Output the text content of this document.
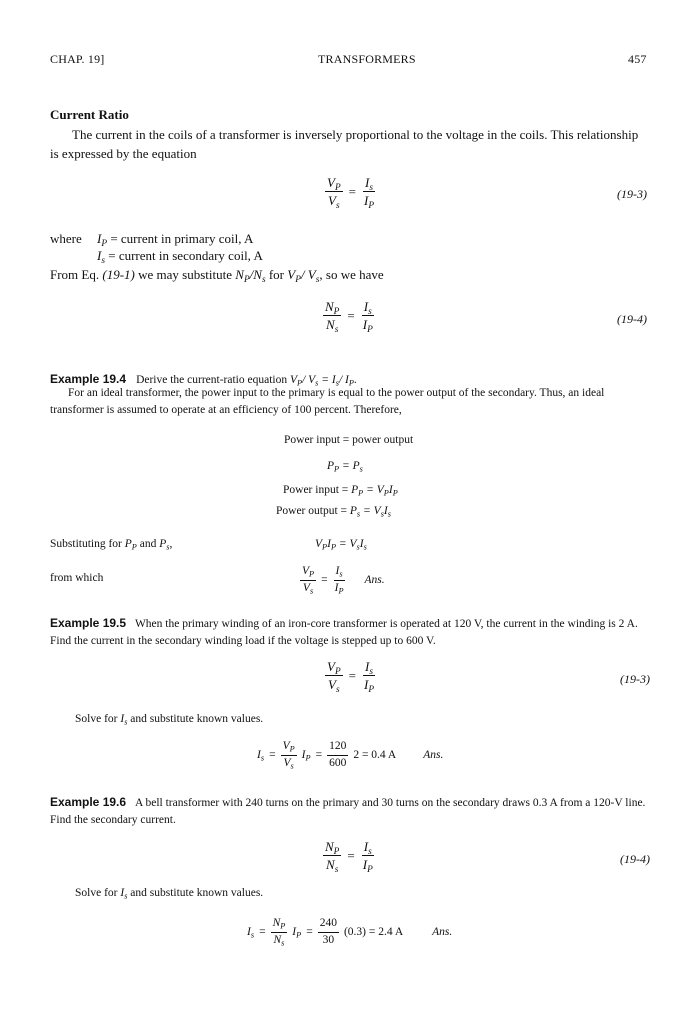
CHAP. 19]	TRANSFORMERS	457
Current Ratio
The current in the coils of a transformer is inversely proportional to the voltage in the coils. This relationship is expressed by the equation
$\frac{V_P}{V_s} = \frac{I_s}{I_P}$	(19-3)
where $I_P$ = current in primary coil, A
$I_s$ = current in secondary coil, A
From Eq. (19-1) we may substitute $N_P/N_s$ for $V_P/$ $V_s$, so we have
$\frac{N_P}{N_s} = \frac{I_s}{I_P}$	(19-4)
Example 19.4 Derive the current-ratio equation $V_P/$ $V_s = I_s/$ $I_P$.
For an ideal transformer, the power input to the primary is equal to the power output of the secondary. Thus, an ideal transformer is assumed to operate at an efficiency of 100 percent. Therefore,
Power input = power output
$P_P = P_s$
Power input = $P_P = V_PI_P$
Power output = $P_s = V_sI_s$
Substituting for $P_P$ and $P_s$,	$V_PI_P = V_sI_s$
from which	$\frac{V_P}{V_s} = \frac{I_s}{I_P}$ Ans.
Example 19.5 When the primary winding of an iron-core transformer is operated at 120 V, the current in the winding is 2 A. Find the current in the secondary winding load if the voltage is stepped up to 600 V.
$\frac{V_P}{V_s} = \frac{I_s}{I_P}$	(19-3)
Solve for $I_s$ and substitute known values.
$I_s = \frac{V_P}{V_s} I_P = \frac{120}{600} 2 = 0.4$ A Ans.
Example 19.6 A bell transformer with 240 turns on the primary and 30 turns on the secondary draws 0.3 A from a 120-V line. Find the secondary current.
$\frac{N_P}{N_s} = \frac{I_s}{I_P}$	(19-4)
Solve for $I_s$ and substitute known values.
$I_s = \frac{N_P}{N_s} I_P = \frac{240}{30} (0.3) = 2.4$ A	Ans.
